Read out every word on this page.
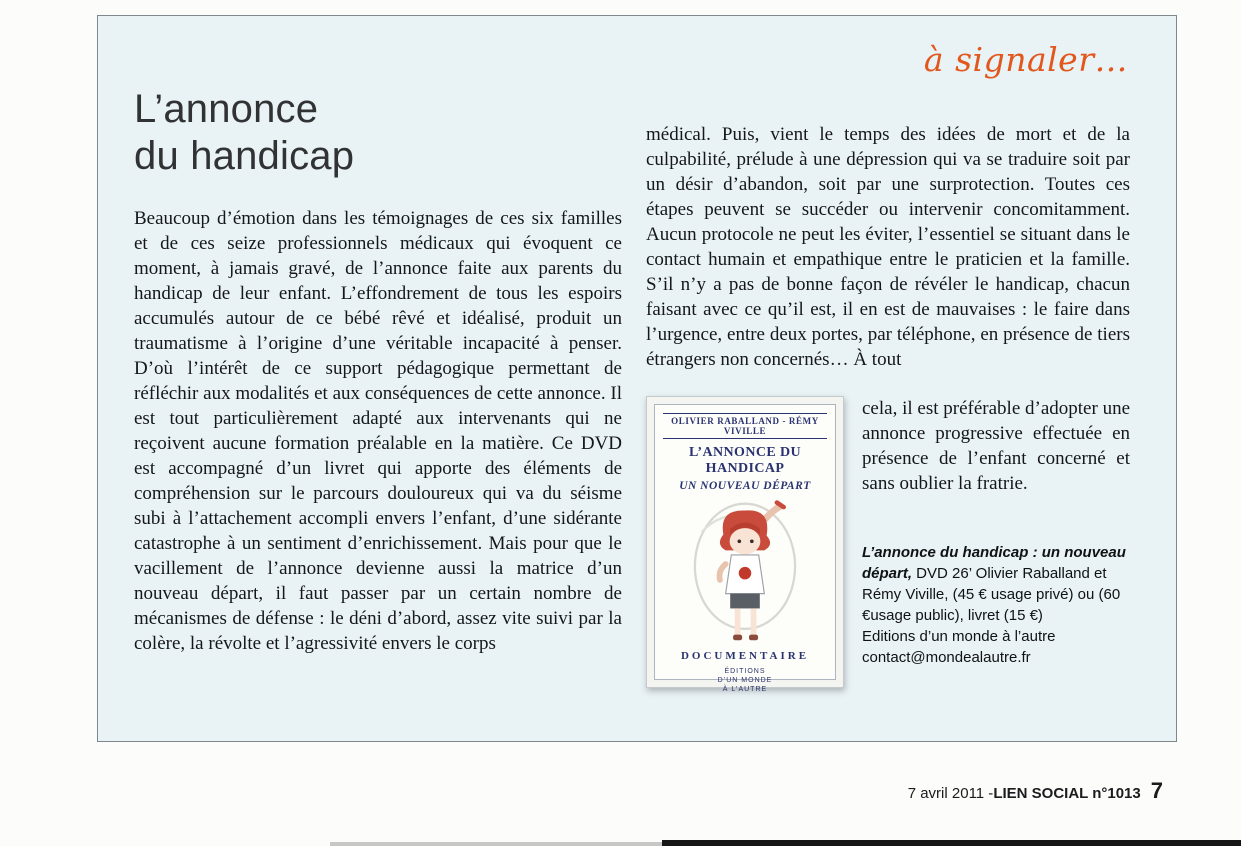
à signaler…
L’annonce
du handicap

Beaucoup d’émotion dans les témoignages de ces six familles et de ces seize professionnels médicaux qui évoquent ce moment, à jamais gravé, de l’annonce faite aux parents du handicap de leur enfant. L’effondrement de tous les espoirs accumulés autour de ce bébé rêvé et idéalisé, produit un traumatisme à l’origine d’une véritable incapacité à penser. D’où l’intérêt de ce support pédagogique permettant de réfléchir aux modalités et aux conséquences de cette annonce. Il est tout particulièrement adapté aux intervenants qui ne reçoivent aucune formation préalable en la matière. Ce DVD est accompagné d’un livret qui apporte des éléments de compréhension sur le parcours douloureux qui va du séisme subi à l’attachement accompli envers l’enfant, d’une sidérante catastrophe à un sentiment d’enrichissement. Mais pour que le vacillement de l’annonce devienne aussi la matrice d’un nouveau départ, il faut passer par un certain nombre de mécanismes de défense : le déni d’abord, assez vite suivi par la colère, la révolte et l’agressivité envers le corps

médical. Puis, vient le temps des idées de mort et de la culpabilité, prélude à une dépression qui va se traduire soit par un désir d’abandon, soit par une surprotection. Toutes ces étapes peuvent se succéder ou intervenir concomitamment. Aucun protocole ne peut les éviter, l’essentiel se situant dans le contact humain et empathique entre le praticien et la famille. S’il n’y a pas de bonne façon de révéler le handicap, chacun faisant avec ce qu’il est, il en est de mauvaises : le faire dans l’urgence, entre deux portes, par téléphone, en présence de tiers étrangers non concernés… À tout

OLIVIER RABALLAND - RÉMY VIVILLE
L’ANNONCE DU HANDICAP
UN NOUVEAU DÉPART
DOCUMENTAIRE
ÉDITIONS
D’UN MONDE
À L’AUTRE

cela, il est préférable d’adopter une annonce progressive effectuée en présence de l’enfant concerné et sans oublier la fratrie.

L’annonce du handicap : un nouveau départ, DVD 26’ Olivier Raballand et Rémy Viville, (45 € usage privé) ou (60 €usage public), livret (15 €)
Editions d’un monde à l’autre
contact@mondealautre.fr
7 avril 2011 - LIEN SOCIAL n°1013 7
